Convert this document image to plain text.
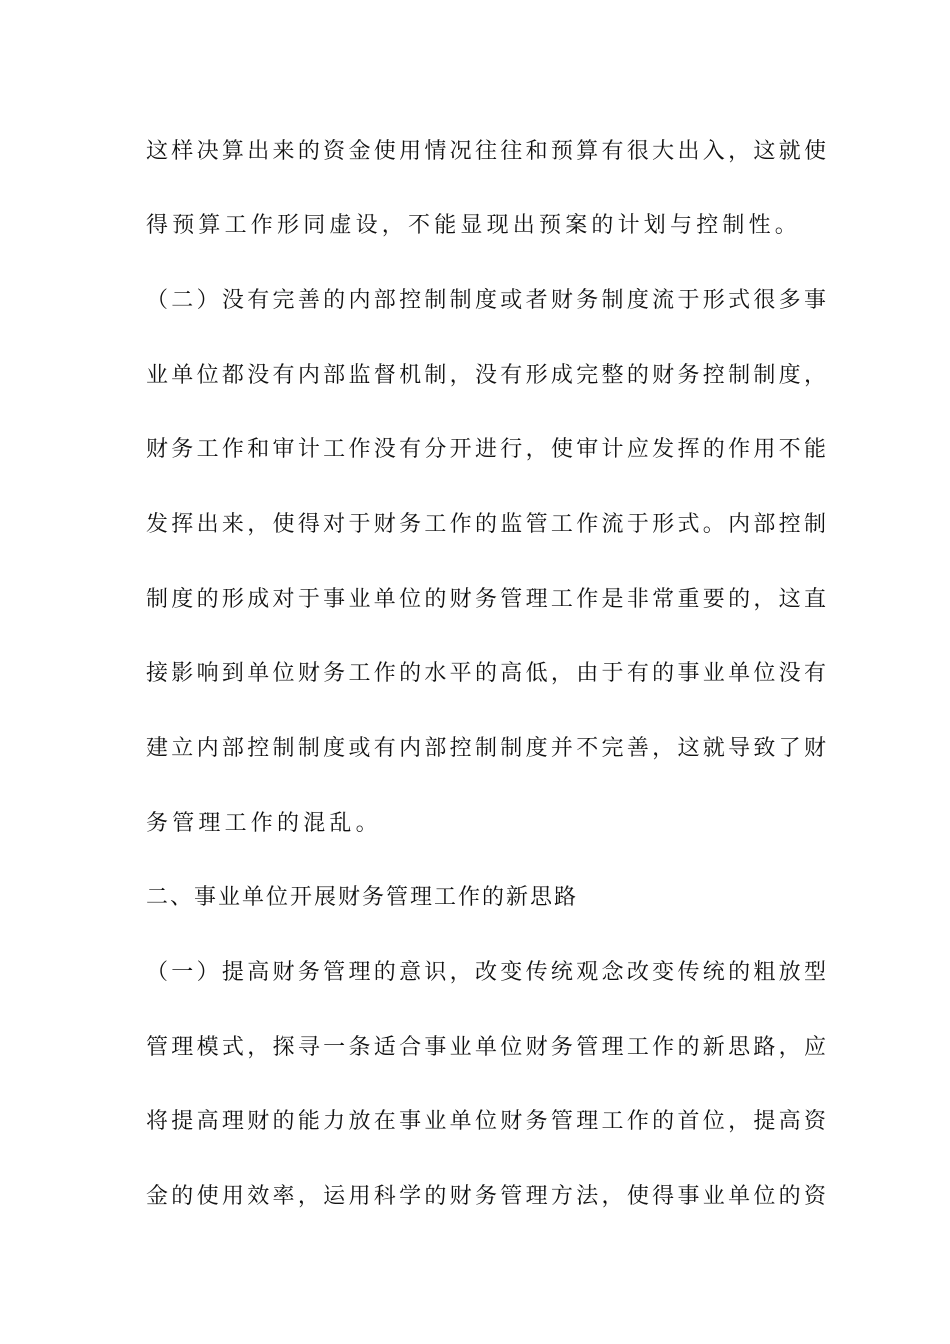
这样决算出来的资金使用情况往往和预算有很大出入，这就使
得预算工作形同虚设，不能显现出预案的计划与控制性。
（二）没有完善的内部控制制度或者财务制度流于形式很多事
业单位都没有内部监督机制，没有形成完整的财务控制制度，
财务工作和审计工作没有分开进行，使审计应发挥的作用不能
发挥出来，使得对于财务工作的监管工作流于形式。内部控制
制度的形成对于事业单位的财务管理工作是非常重要的，这直
接影响到单位财务工作的水平的高低，由于有的事业单位没有
建立内部控制制度或有内部控制制度并不完善，这就导致了财
务管理工作的混乱。
二、事业单位开展财务管理工作的新思路
（一）提高财务管理的意识，改变传统观念改变传统的粗放型
管理模式，探寻一条适合事业单位财务管理工作的新思路，应
将提高理财的能力放在事业单位财务管理工作的首位，提高资
金的使用效率，运用科学的财务管理方法，使得事业单位的资
